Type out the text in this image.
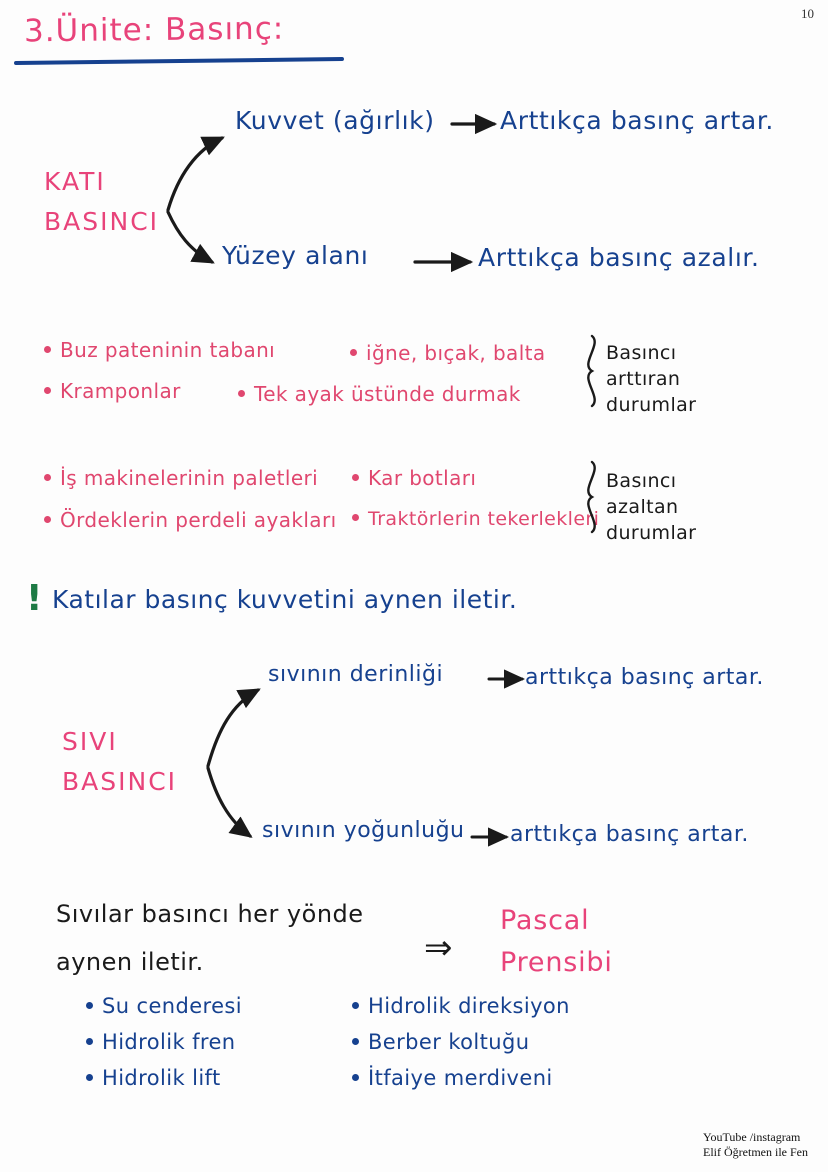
10
3.Ünite: Basınç:
KATI
BASINCI
Kuvvet (ağırlık)	Arttıkça basınç artar.
Yüzey alanı	Arttıkça basınç azalır.
Buz pateninin tabanı
Kramponlar
iğne, bıçak, balta
Tek ayak üstünde durmak
Basıncı
arttıran
durumlar
İş makinelerinin paletleri
Ördeklerin perdeli ayakları
Kar botları
Traktörlerin tekerlekleri
Basıncı
azaltan
durumlar
! Katılar basınç kuvvetini aynen iletir.
SIVI
BASINCI
sıvının derinliği	arttıkça basınç artar.
sıvının yoğunluğu arttıkça basınç artar.
Sıvılar basıncı her yönde
aynen iletir.	⇒
Pascal
Prensibi
Su cenderesi
Hidrolik fren
Hidrolik lift
Hidrolik direksiyon
Berber koltuğu
İtfaiye merdiveni
YouTube /instagram
Elif Öğretmen ile Fen
